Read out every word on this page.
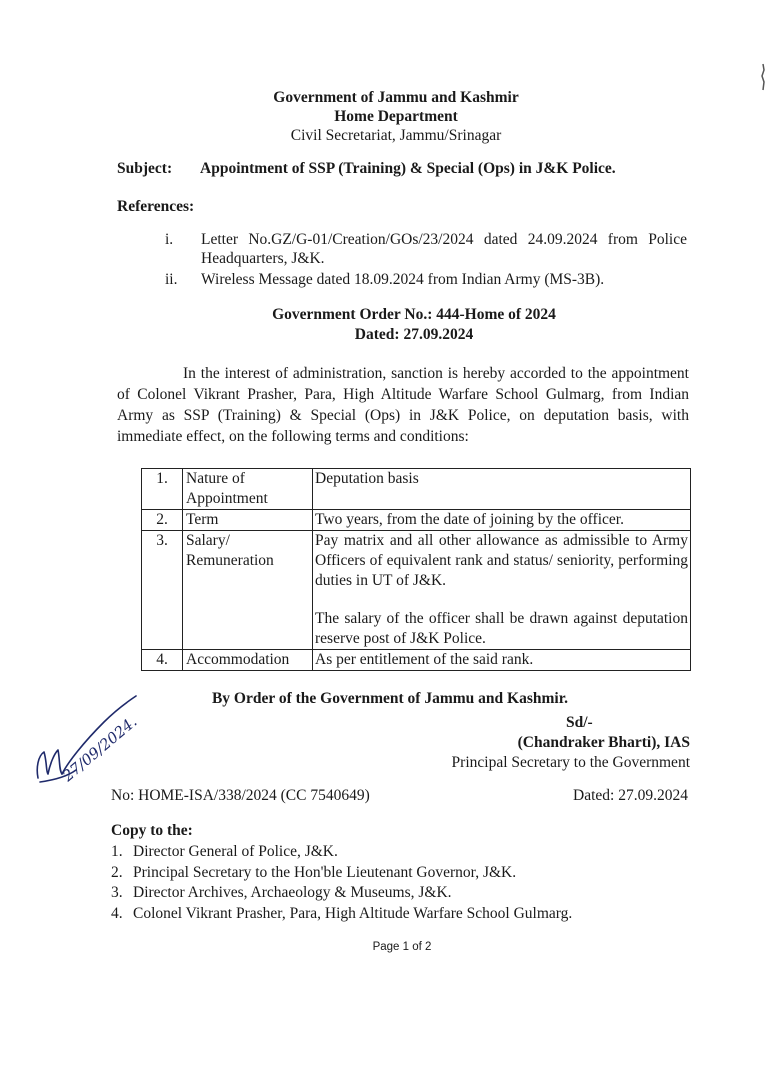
Government of Jammu and Kashmir
Home Department
Civil Secretariat, Jammu/Srinagar
Subject: Appointment of SSP (Training) & Special (Ops) in J&K Police.
References:
i.	Letter No.GZ/G-01/Creation/GOs/23/2024 dated 24.09.2024 from Police Headquarters, J&K.
ii.	Wireless Message dated 18.09.2024 from Indian Army (MS-3B).
Government Order No.: 444-Home of 2024
Dated: 27.09.2024
In the interest of administration, sanction is hereby accorded to the appointment of Colonel Vikrant Prasher, Para, High Altitude Warfare School Gulmarg, from Indian Army as SSP (Training) & Special (Ops) in J&K Police, on deputation basis, with immediate effect, on the following terms and conditions:
1.	Nature of Appointment	Deputation basis

2.	Term	Two years, from the date of joining by the officer.

3.	Salary/ Remuneration	Pay matrix and all other allowance as admissible to Army Officers of equivalent rank and status/ seniority, performing duties in UT of J&K.

The salary of the officer shall be drawn against deputation reserve post of J&K Police.

4.	Accommodation	As per entitlement of the said rank.

By Order of the Government of Jammu and Kashmir.
Sd/-
(Chandraker Bharti), IAS
Principal Secretary to the Government
No: HOME-ISA/338/2024 (CC 7540649)	Dated: 27.09.2024
Copy to the:
1. Director General of Police, J&K.
2. Principal Secretary to the Hon'ble Lieutenant Governor, J&K.
3. Director Archives, Archaeology & Museums, J&K.
4. Colonel Vikrant Prasher, Para, High Altitude Warfare School Gulmarg.
Page 1 of 2
27/09/2024.
